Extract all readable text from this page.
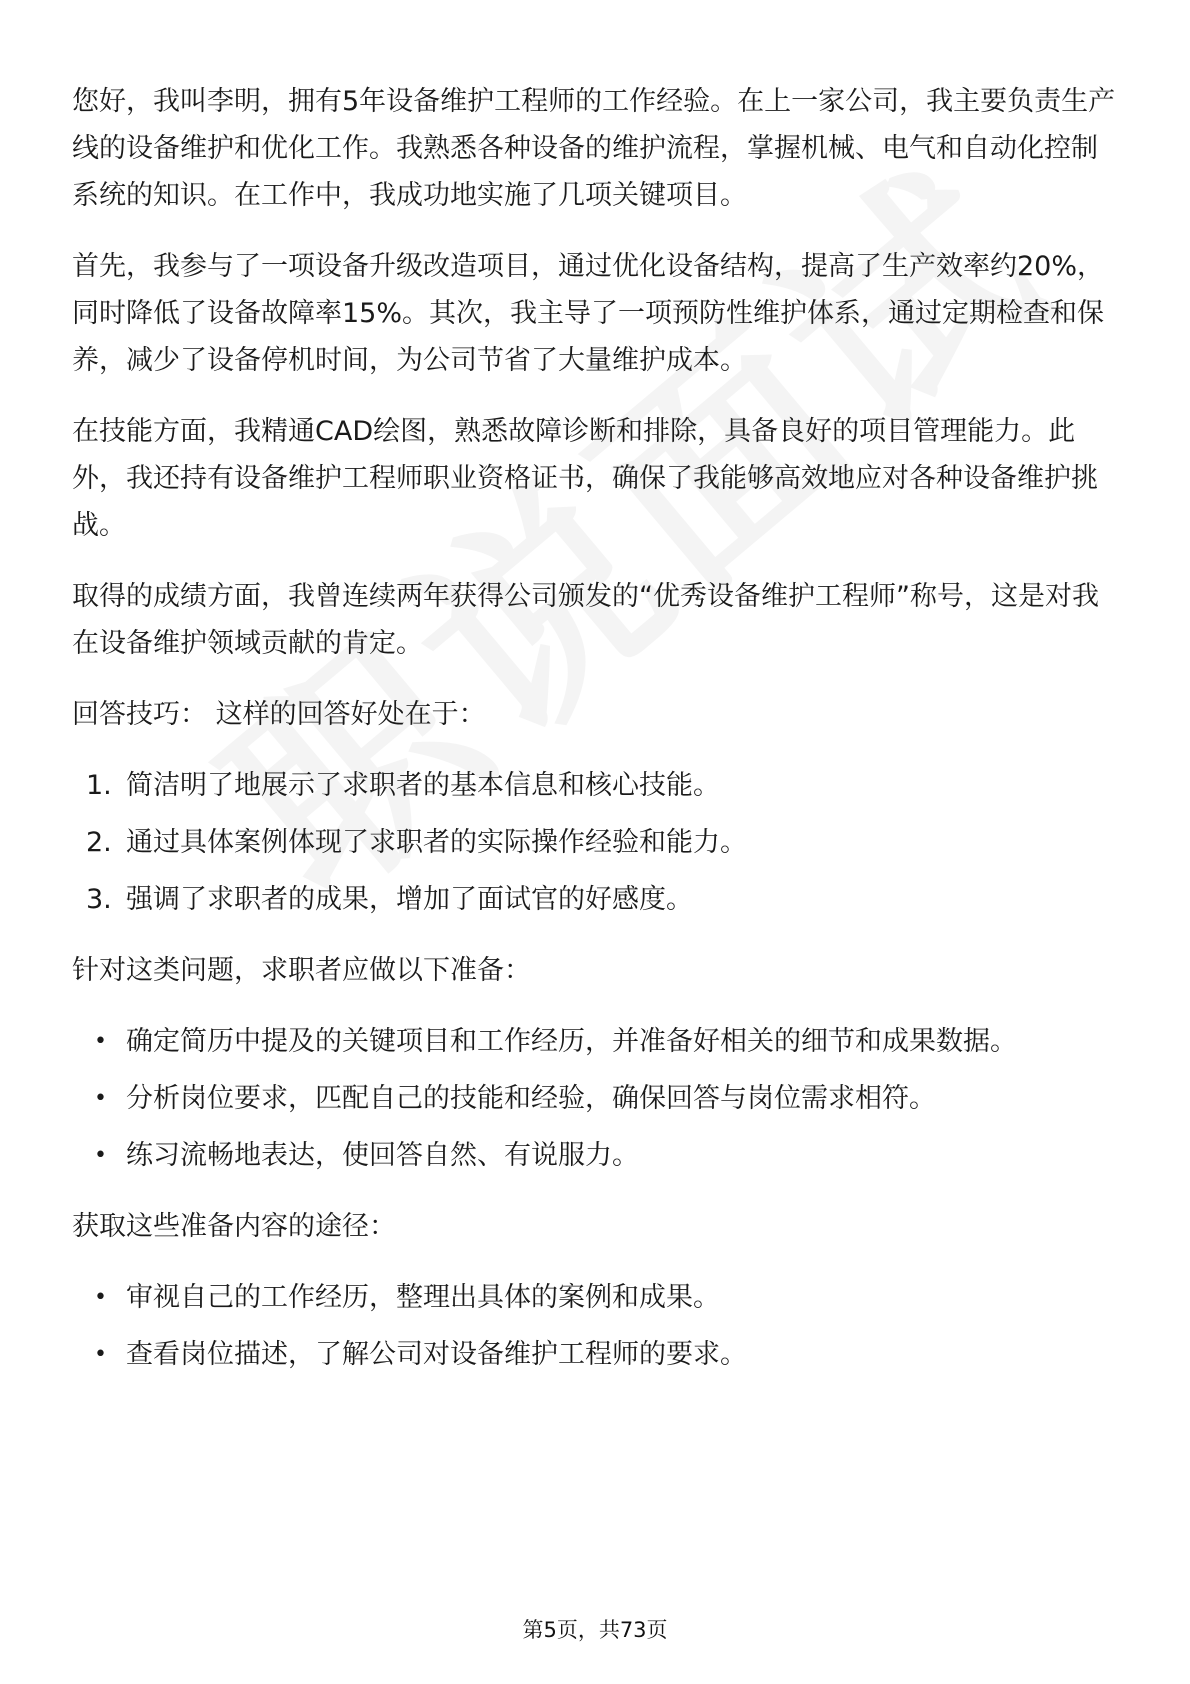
您好，我叫李明，拥有5年设备维护工程师的工作经验。在上一家公司，我主要负责生产线的设备维护和优化工作。我熟悉各种设备的维护流程，掌握机械、电气和自动化控制系统的知识。在工作中，我成功地实施了几项关键项目。

首先，我参与了一项设备升级改造项目，通过优化设备结构，提高了生产效率约20%，同时降低了设备故障率15%。其次，我主导了一项预防性维护体系，通过定期检查和保养，减少了设备停机时间，为公司节省了大量维护成本。

在技能方面，我精通CAD绘图，熟悉故障诊断和排除，具备良好的项目管理能力。此外，我还持有设备维护工程师职业资格证书，确保了我能够高效地应对各种设备维护挑战。

取得的成绩方面，我曾连续两年获得公司颁发的“优秀设备维护工程师”称号，这是对我在设备维护领域贡献的肯定。

回答技巧： 这样的回答好处在于：

1. 简洁明了地展示了求职者的基本信息和核心技能。
2. 通过具体案例体现了求职者的实际操作经验和能力。
3. 强调了求职者的成果，增加了面试官的好感度。

针对这类问题，求职者应做以下准备：

• 确定简历中提及的关键项目和工作经历，并准备好相关的细节和成果数据。
• 分析岗位要求，匹配自己的技能和经验，确保回答与岗位需求相符。
• 练习流畅地表达，使回答自然、有说服力。

获取这些准备内容的途径：

• 审视自己的工作经历，整理出具体的案例和成果。
• 查看岗位描述，了解公司对设备维护工程师的要求。
第5页，共73页
